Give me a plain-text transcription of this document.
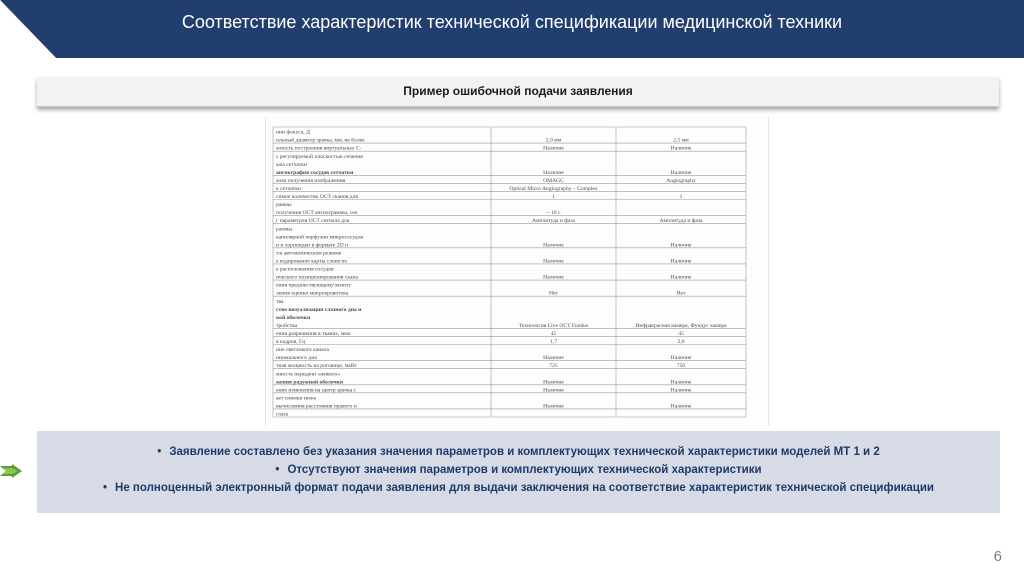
Соответствие характеристик технической спецификации медицинской техники
Пример ошибочной подачи заявления
ини фокуса, Д
ильный диаметр зрачка, мм, не более	2,0 мм	2,5 мм
жность построения виртуальных С-	Наличие	Наличие
с регулируемой плоскостью сечения
ажа сетчатки
ангиография сосудов сетчатки	Наличие	Наличие
жим получения изображения	OMAGC	Angiography
к сетчатки	Optical Micro Angiography – Complex
симое количество OCT сканов для	1	1
ранмы
получения OCT ангиограммы, сек	~ 10 с
г параметров OCT сигнала для	Амплитуда и фаза	Амплитуда и фаза
раммы
капилярной перфузии микрососудов
и и хориоидеи в формате 2D и	Наличие	Наличие
т.н автоматическом режиме
е кодирование карты слоев по	Наличие	Наличие
е расположения сосудов
ического позиционирования скана	Наличие	Наличие
ения предшествующему визиту
ления оценки микрокровотока	Нет	Нет
тва
ство визуализации глазного дна и
кой оболочки
тройства	Технология Live OCT Fundus	Инфракрасная камера, Фундус камера
ения разрешения в тканях, мкм	45	45
в кадров, Гц	1,7	2,6
ние светлового канала
инимального диа	Наличие	Наличие
тная мощность на роговице, мкВт	725	750
мность передачи «живого»
жения радужной оболочки	Наличие	Наличие
ение изменения на центр зрачка с	Наличие	Наличие
ает снимки ниже
вычисления расстояния правого и	Наличие	Наличие
глаза
• Заявление составлено без указания значения параметров и комплектующих технической характеристики моделей МТ 1 и 2
• Отсутствуют значения параметров и комплектующих технической характеристики
• Не полноценный электронный формат подачи заявления для выдачи заключения на соответствие характеристик технической спецификации
6
